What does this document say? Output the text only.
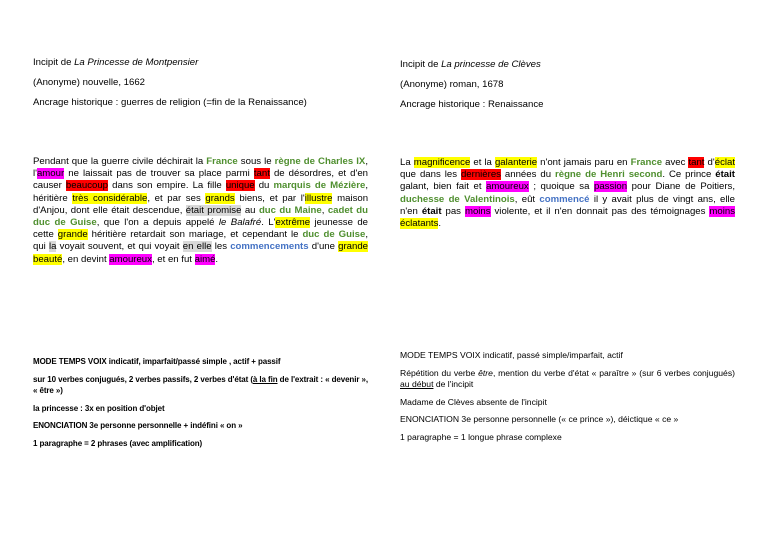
Incipit de La Princesse de Montpensier

(Anonyme) nouvelle, 1662

Ancrage historique : guerres de religion (=fin de la Renaissance)

Pendant que la guerre civile déchirait la France sous le règne de Charles IX, l'amour ne laissait pas de trouver sa place parmi tant de désordres, et d'en causer beaucoup dans son empire. La fille unique du marquis de Mézière, héritière très considérable, et par ses grands biens, et par l'illustre maison d'Anjou, dont elle était descendue, était promise au duc du Maine, cadet du duc de Guise, que l'on a depuis appelé le Balafré. L'extrême jeunesse de cette grande héritière retardait son mariage, et cependant le duc de Guise, qui la voyait souvent, et qui voyait en elle les commencements d'une grande beauté, en devint amoureux, et en fut aimé.

MODE TEMPS VOIX indicatif, imparfait/passé simple , actif + passif

sur 10 verbes conjugués, 2 verbes passifs, 2 verbes d'état (à la fin de l'extrait : « devenir », « être »)

la princesse : 3x en position d'objet

ENONCIATION 3e personne personnelle + indéfini « on »

1 paragraphe = 2 phrases (avec amplification)

Incipit de La princesse de Clèves

(Anonyme) roman, 1678

Ancrage historique : Renaissance

La magnificence et la galanterie n'ont jamais paru en France avec tant d'éclat que dans les dernières années du règne de Henri second. Ce prince était galant, bien fait et amoureux ; quoique sa passion pour Diane de Poitiers, duchesse de Valentinois, eût commencé il y avait plus de vingt ans, elle n'en était pas moins violente, et il n'en donnait pas des témoignages moins éclatants.

MODE TEMPS VOIX indicatif, passé simple/imparfait, actif

Répétition du verbe être, mention du verbe d'état « paraître » (sur 6 verbes conjugués) au début de l'incipit

Madame de Clèves absente de l'incipit

ENONCIATION 3e personne personnelle (« ce prince »), déictique « ce »

1 paragraphe = 1 longue phrase complexe
